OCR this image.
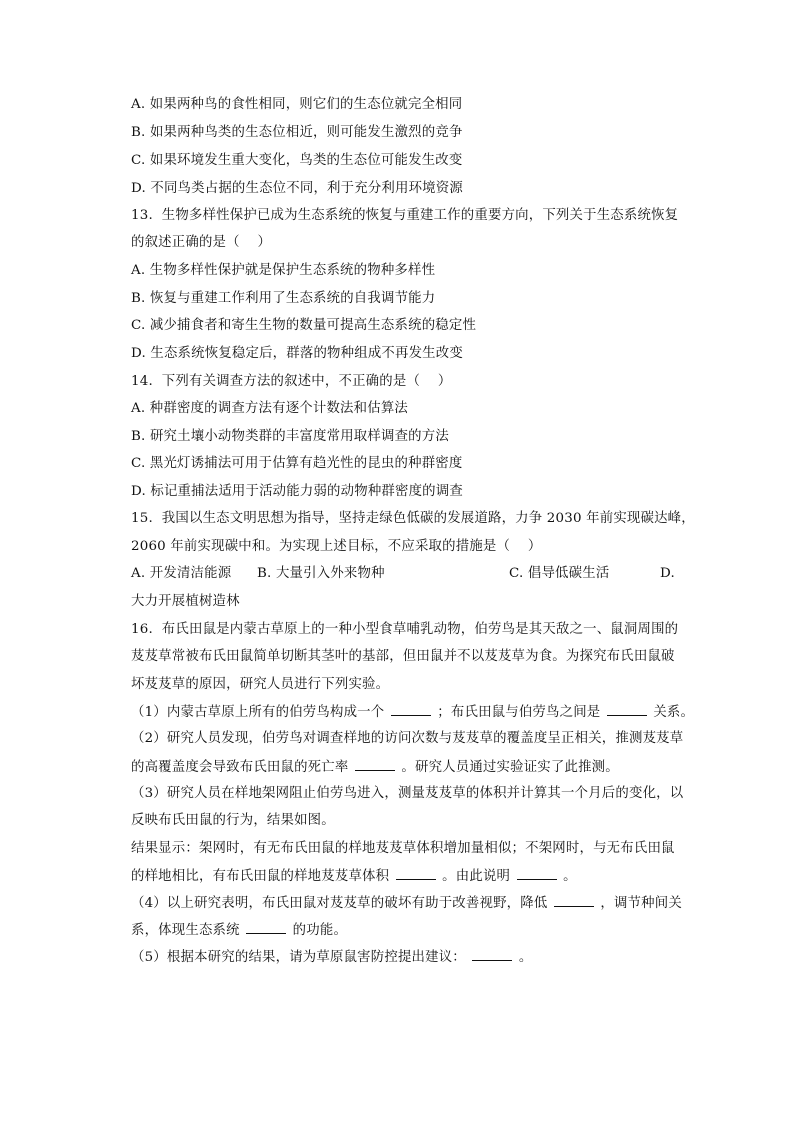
A. 如果两种鸟的食性相同，则它们的生态位就完全相同
B. 如果两种鸟类的生态位相近，则可能发生激烈的竞争
C. 如果环境发生重大变化，鸟类的生态位可能发生改变
D. 不同鸟类占据的生态位不同，利于充分利用环境资源
13.  生物多样性保护已成为生态系统的恢复与重建工作的重要方向，下列关于生态系统恢复
的叙述正确的是（    ）
A. 生物多样性保护就是保护生态系统的物种多样性
B. 恢复与重建工作利用了生态系统的自我调节能力
C. 减少捕食者和寄生生物的数量可提高生态系统的稳定性
D. 生态系统恢复稳定后，群落的物种组成不再发生改变
14.  下列有关调查方法的叙述中，不正确的是（    ）
A. 种群密度的调查方法有逐个计数法和估算法
B. 研究土壤小动物类群的丰富度常用取样调查的方法
C. 黑光灯诱捕法可用于估算有趋光性的昆虫的种群密度
D. 标记重捕法适用于活动能力弱的动物种群密度的调查
15.  我国以生态文明思想为指导，坚持走绿色低碳的发展道路，力争 2030 年前实现碳达峰，
2060 年前实现碳中和。为实现上述目标，不应采取的措施是（    ）
A. 开发清洁能源 B. 大量引入外来物种	C. 倡导低碳生活	D.
大力开展植树造林
16.  布氏田鼠是内蒙古草原上的一种小型食草哺乳动物，伯劳鸟是其天敌之一、鼠洞周围的
芨芨草常被布氏田鼠简单切断其茎叶的基部，但田鼠并不以芨芨草为食。为探究布氏田鼠破
坏芨芨草的原因，研究人员进行下列实验。
（1）内蒙古草原上所有的伯劳鸟构成一个	；布氏田鼠与伯劳鸟之间是	关系。
（2）研究人员发现，伯劳鸟对调查样地的访问次数与芨芨草的覆盖度呈正相关，推测芨芨草
的高覆盖度会导致布氏田鼠的死亡率	。研究人员通过实验证实了此推测。
（3）研究人员在样地架网阻止伯劳鸟进入，测量芨芨草的体积并计算其一个月后的变化，以
反映布氏田鼠的行为，结果如图。
结果显示：架网时，有无布氏田鼠的样地芨芨草体积增加量相似；不架网时，与无布氏田鼠
的样地相比，有布氏田鼠的样地芨芨草体积	。由此说明	。
（4）以上研究表明，布氏田鼠对芨芨草的破坏有助于改善视野，降低	，调节种间关
系，体现生态系统	的功能。
（5）根据本研究的结果，请为草原鼠害防控提出建议：	。
